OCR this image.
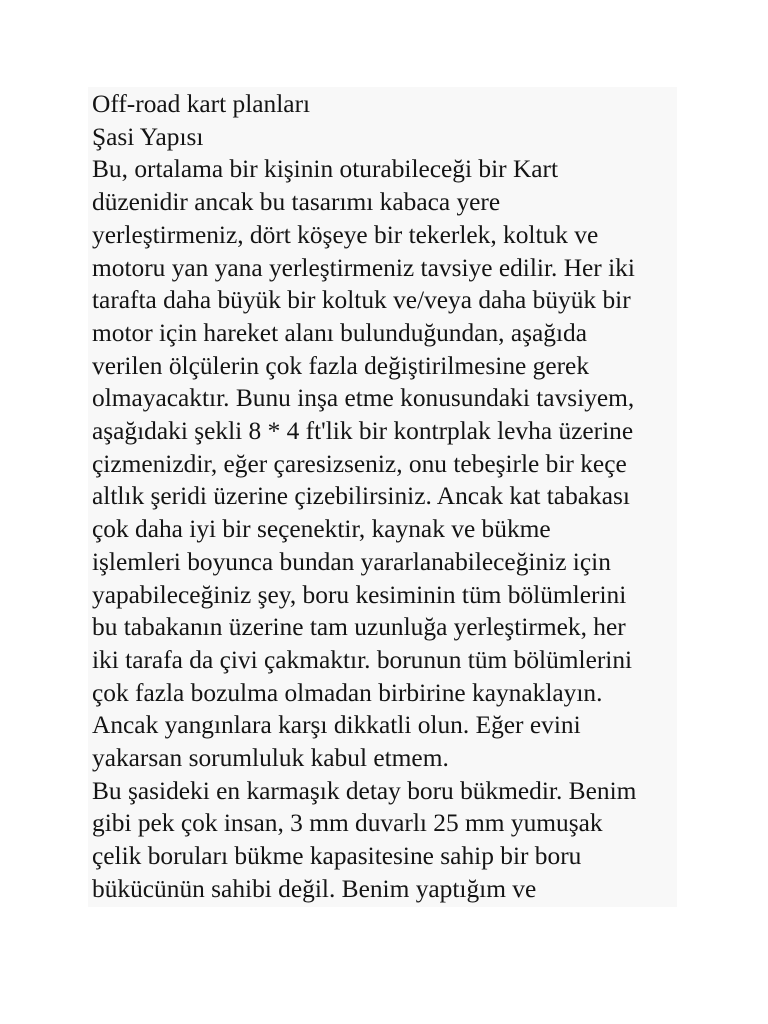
Off-road kart planları

Şasi Yapısı

Bu, ortalama bir kişinin oturabileceği bir Kart

düzenidir ancak bu tasarımı kabaca yere

yerleştirmeniz, dört köşeye bir tekerlek, koltuk ve

motoru yan yana yerleştirmeniz tavsiye edilir. Her iki

tarafta daha büyük bir koltuk ve/veya daha büyük bir

motor için hareket alanı bulunduğundan, aşağıda

verilen ölçülerin çok fazla değiştirilmesine gerek

olmayacaktır. Bunu inşa etme konusundaki tavsiyem,

aşağıdaki şekli 8 * 4 ft'lik bir kontrplak levha üzerine

çizmenizdir, eğer çaresizseniz, onu tebeşirle bir keçe

altlık şeridi üzerine çizebilirsiniz. Ancak kat tabakası

çok daha iyi bir seçenektir, kaynak ve bükme

işlemleri boyunca bundan yararlanabileceğiniz için

yapabileceğiniz şey, boru kesiminin tüm bölümlerini

bu tabakanın üzerine tam uzunluğa yerleştirmek, her

iki tarafa da çivi çakmaktır. borunun tüm bölümlerini

çok fazla bozulma olmadan birbirine kaynaklayın.

Ancak yangınlara karşı dikkatli olun. Eğer evini

yakarsan sorumluluk kabul etmem.

Bu şasideki en karmaşık detay boru bükmedir. Benim

gibi pek çok insan, 3 mm duvarlı 25 mm yumuşak

çelik boruları bükme kapasitesine sahip bir boru

bükücünün sahibi değil. Benim yaptığım ve
